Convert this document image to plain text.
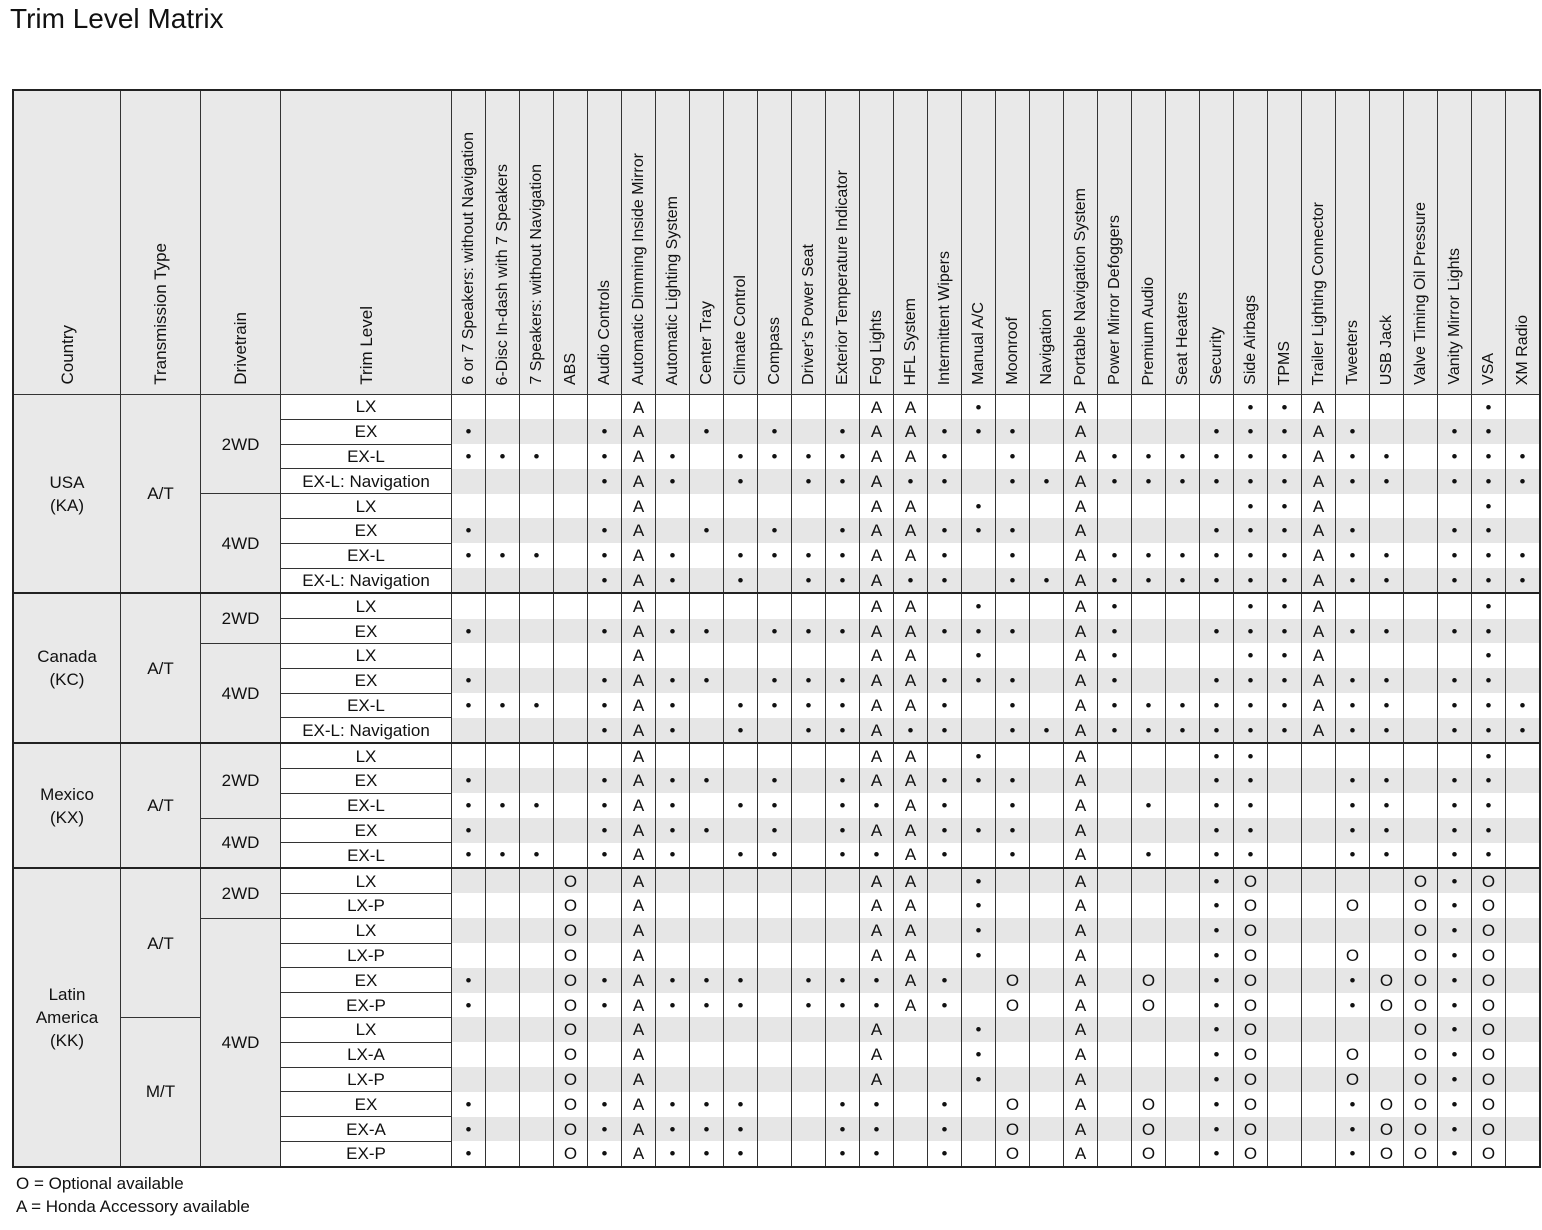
Trim Level Matrix
Country	Transmission Type	Drivetrain	Trim Level	6 or 7 Speakers: without Navigation	6-Disc In-dash with 7 Speakers	7 Speakers: without Navigation	ABS	Audio Controls	Automatic Dimming Inside Mirror	Automatic Lighting System	Center Tray	Climate Control	Compass	Driver's Power Seat	Exterior Temperature Indicator	Fog Lights	HFL System	Intermittent Wipers	Manual A/C	Moonroof	Navigation	Portable Navigation System	Power Mirror Defoggers	Premium Audio	Seat Heaters	Security	Side Airbags	TPMS	Trailer Lighting Connector	Tweeters	USB Jack	Valve Timing Oil Pressure	Vanity Mirror Lights	VSA	XM Radio
USA
(KA)	A/T	2WD	LX						A							A	A		•			A					•	•	A					•	
			EX	•				•	A		•		•		•	A	A	•	•	•		A				•	•	•	A	•			•	•	
			EX-L	•	•	•		•	A	•		•	•	•	•	A	A	•		•		A	•	•	•	•	•	•	A	•	•		•	•	•
			EX-L: Navigation					•	A	•		•		•	•	A	•	•		•	•	A	•	•	•	•	•	•	A	•	•		•	•	•
		4WD	LX						A							A	A		•			A					•	•	A					•	
			EX	•				•	A		•		•		•	A	A	•	•	•		A				•	•	•	A	•			•	•	
			EX-L	•	•	•		•	A	•		•	•	•	•	A	A	•		•		A	•	•	•	•	•	•	A	•	•		•	•	•
			EX-L: Navigation					•	A	•		•		•	•	A	•	•		•	•	A	•	•	•	•	•	•	A	•	•		•	•	•
Canada
(KC)	A/T	2WD	LX						A							A	A		•			A	•				•	•	A					•	
			EX	•				•	A	•	•		•	•	•	A	A	•	•	•		A	•			•	•	•	A	•	•		•	•	
		4WD	LX						A							A	A		•			A	•				•	•	A					•	
			EX	•				•	A	•	•		•	•	•	A	A	•	•	•		A	•			•	•	•	A	•	•		•	•	
			EX-L	•	•	•		•	A	•		•	•	•	•	A	A	•		•		A	•	•	•	•	•	•	A	•	•		•	•	•
			EX-L: Navigation					•	A	•		•		•	•	A	•	•		•	•	A	•	•	•	•	•	•	A	•	•		•	•	•
Mexico
(KX)	A/T	2WD	LX						A							A	A		•			A				•	•							•	
			EX	•				•	A	•	•		•		•	A	A	•	•	•		A				•	•			•	•		•	•	
			EX-L	•	•	•		•	A	•		•	•		•	•	A	•		•		A		•		•	•			•	•		•	•	
		4WD	EX	•				•	A	•	•		•		•	A	A	•	•	•		A				•	•			•	•		•	•	
			EX-L	•	•	•		•	A	•		•	•		•	•	A	•		•		A		•		•	•			•	•		•	•	
Latin
America
(KK)	A/T	2WD	LX				O		A							A	A		•			A				•	O					O	•	O	
			LX-P				O		A							A	A		•			A				•	O			O		O	•	O	
		4WD	LX				O		A							A	A		•			A				•	O					O	•	O	
			LX-P				O		A							A	A		•			A				•	O			O		O	•	O	
			EX	•			O	•	A	•	•	•		•	•	•	A	•		O		A		O		•	O			•	O	O	•	O	
			EX-P	•			O	•	A	•	•	•		•	•	•	A	•		O		A		O		•	O			•	O	O	•	O	
	M/T		LX				O		A							A			•			A				•	O					O	•	O	
			LX-A				O		A							A			•			A				•	O			O		O	•	O	
			LX-P				O		A							A			•			A				•	O			O		O	•	O	
			EX	•			O	•	A	•	•	•			•	•		•		O		A		O		•	O			•	O	O	•	O	
			EX-A	•			O	•	A	•	•	•			•	•		•		O		A		O		•	O			•	O	O	•	O	
			EX-P	•			O	•	A	•	•	•			•	•		•		O		A		O		•	O			•	O	O	•	O	
O = Optional available
A = Honda Accessory available
